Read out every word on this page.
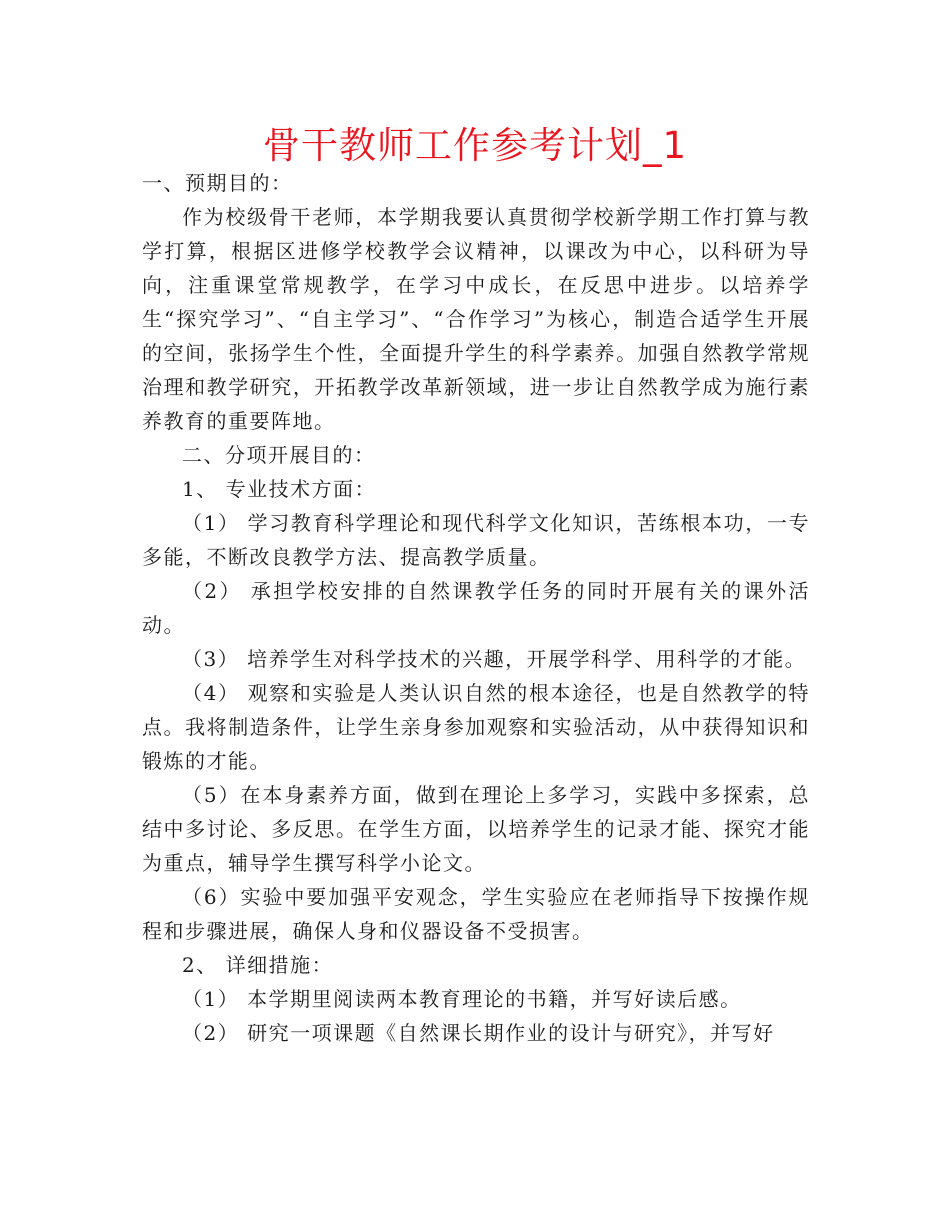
骨干教师工作参考计划_1

一、预期目的：

作为校级骨干老师，本学期我要认真贯彻学校新学期工作打算与教学打算，根据区进修学校教学会议精神，以课改为中心，以科研为导向，注重课堂常规教学，在学习中成长，在反思中进步。以培养学生“探究学习”、“自主学习”、“合作学习”为核心，制造合适学生开展的空间，张扬学生个性，全面提升学生的科学素养。加强自然教学常规治理和教学研究，开拓教学改革新领域，进一步让自然教学成为施行素养教育的重要阵地。

二、分项开展目的：

1、 专业技术方面：

（1） 学习教育科学理论和现代科学文化知识，苦练根本功，一专多能，不断改良教学方法、提高教学质量。

（2） 承担学校安排的自然课教学任务的同时开展有关的课外活动。

（3） 培养学生对科学技术的兴趣，开展学科学、用科学的才能。

（4） 观察和实验是人类认识自然的根本途径，也是自然教学的特点。我将制造条件，让学生亲身参加观察和实验活动，从中获得知识和锻炼的才能。

（5）在本身素养方面，做到在理论上多学习，实践中多探索，总结中多讨论、多反思。在学生方面，以培养学生的记录才能、探究才能为重点，辅导学生撰写科学小论文。

（6）实验中要加强平安观念，学生实验应在老师指导下按操作规程和步骤进展，确保人身和仪器设备不受损害。

2、 详细措施：

（1） 本学期里阅读两本教育理论的书籍，并写好读后感。

（2） 研究一项课题《自然课长期作业的设计与研究》，并写好
